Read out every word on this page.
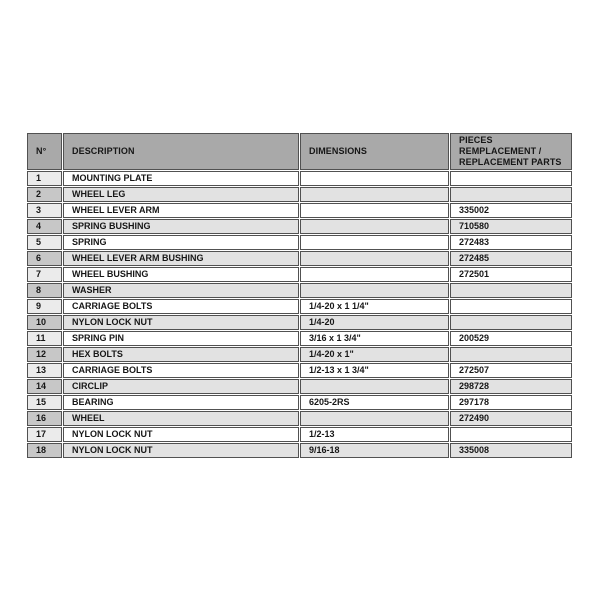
N°	DESCRIPTION	DIMENSIONS	PIECES REMPLACEMENT / REPLACEMENT PARTS
1	MOUNTING PLATE		
2	WHEEL LEG		
3	WHEEL LEVER ARM		335002
4	SPRING BUSHING		710580
5	SPRING		272483
6	WHEEL LEVER ARM BUSHING		272485
7	WHEEL BUSHING		272501
8	WASHER		
9	CARRIAGE BOLTS	1/4-20 x 1 1/4"	
10	NYLON LOCK NUT	1/4-20	
11	SPRING PIN	3/16 x 1 3/4"	200529
12	HEX BOLTS	1/4-20 x 1"	
13	CARRIAGE BOLTS	1/2-13 x 1 3/4"	272507
14	CIRCLIP		298728
15	BEARING	6205-2RS	297178
16	WHEEL		272490
17	NYLON LOCK NUT	1/2-13	
18	NYLON LOCK NUT	9/16-18	335008
